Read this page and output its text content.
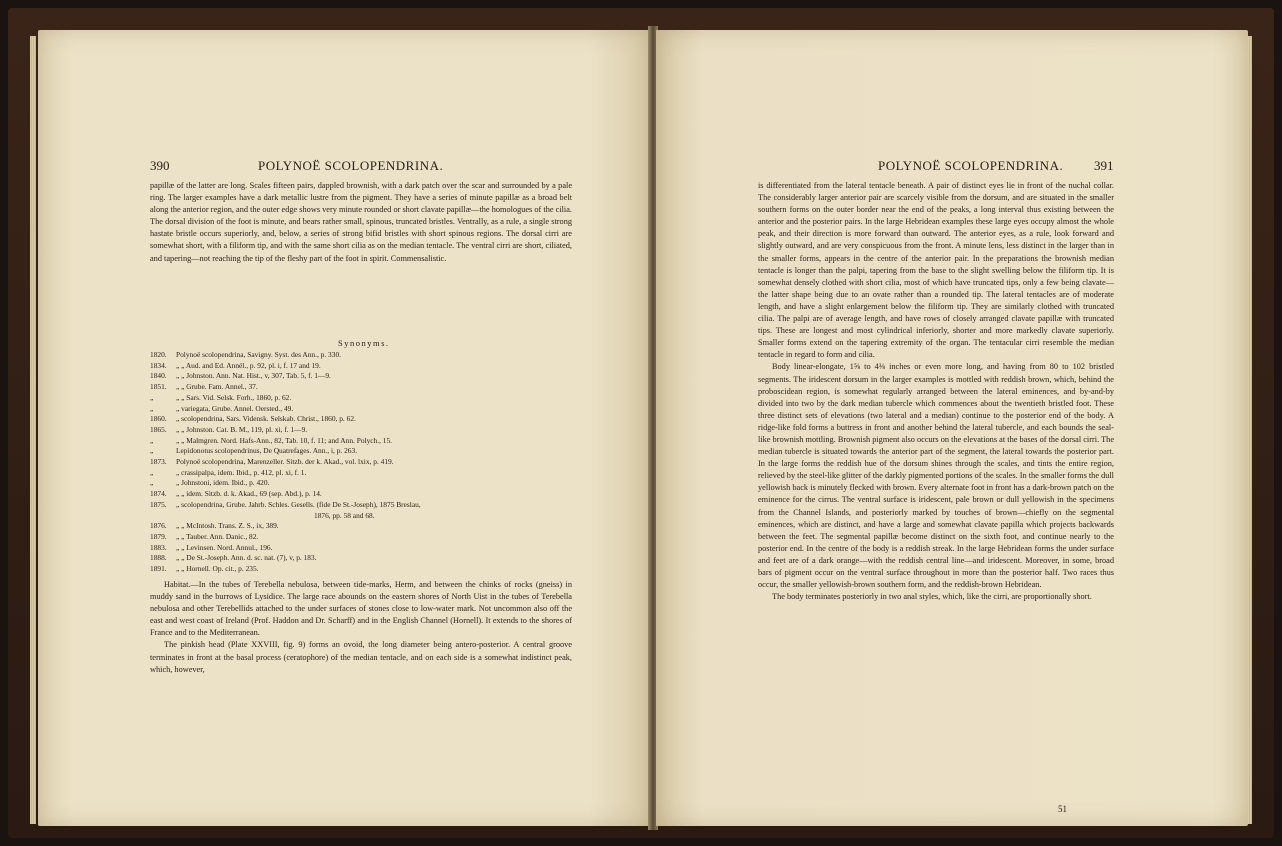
390	POLYNOË SCOLOPENDRINA.

papillæ of the latter are long. Scales fifteen pairs, dappled brownish, with a dark patch over the scar and surrounded by a pale ring. The larger examples have a dark metallic lustre from the pigment. They have a series of minute papillæ as a broad belt along the anterior region, and the outer edge shows very minute rounded or short clavate papillæ—the homologues of the cilia. The dorsal division of the foot is minute, and bears rather small, spinous, truncated bristles. Ventrally, as a rule, a single strong hastate bristle occurs superiorly, and, below, a series of strong bifid bristles with short spinous regions. The dorsal cirri are somewhat short, with a filiform tip, and with the same short cilia as on the median tentacle. The ventral cirri are short, ciliated, and tapering—not reaching the tip of the fleshy part of the foot in spirit. Commensalistic.

Synonyms.
1820.	Polynoë scolopendrina, Savigny. Syst. des Ann., p. 330.
1834.	„ „ Aud. and Ed. Annél., p. 92, pl. i, f. 17 and 19.
1840.	„ „ Johnston. Ann. Nat. Hist., v, 307, Tab. 5, f. 1—9.
1851.	„ „ Grube. Fam. Annel., 37.
„	„ „ Sars. Vid. Selsk. Forh., 1860, p. 62.
„	„ variegata, Grube. Annel. Oersted., 49.
1860.	„ scolopendrina, Sars. Vidensk. Selskab. Christ., 1860, p. 62.
1865.	„ „ Johnston. Cat. B. M., 119, pl. xi, f. 1—9.
„	„ „ Malmgren. Nord. Hafs-Ann., 82, Tab. 10, f. 11; and Ann. Polych., 15.
„	Lepidonotus scolopendrinus, De Quatrefages. Ann., i, p. 263.
1873.	Polynoë scolopendrina, Marenzeller. Sitzb. der k. Akad., vol. lxix, p. 419.
„	„ crassipalpa, idem. Ibid., p. 412, pl. xi, f. 1.
„	„ Johnstoni, idem. Ibid., p. 420.
1874.	„ „ idem. Sitzb. d. k. Akad., 69 (sep. Abd.), p. 14.
1875.	„ scolopendrina, Grube. Jahrb. Schles. Gesells. (fide De St.-Joseph), 1875 Breslau,
1876, pp. 58 and 68.
1876.	„ „ McIntosh. Trans. Z. S., ix, 389.
1879.	„ „ Tauber. Ann. Danic., 82.
1883.	„ „ Levinsen. Nord. Annul., 196.
1888.	„ „ De St.-Joseph. Ann. d. sc. nat. (7), v, p. 183.
1891.	„ „ Hornell. Op. cit., p. 235.

Habitat.—In the tubes of Terebella nebulosa, between tide-marks, Herm, and between the chinks of rocks (gneiss) in muddy sand in the burrows of Lysidice. The large race abounds on the eastern shores of North Uist in the tubes of Terebella nebulosa and other Terebellids attached to the under surfaces of stones close to low-water mark. Not uncommon also off the east and west coast of Ireland (Prof. Haddon and Dr. Scharff) and in the English Channel (Hornell). It extends to the shores of France and to the Mediterranean.

The pinkish head (Plate XXVIII, fig. 9) forms an ovoid, the long diameter being antero-posterior. A central groove terminates in front at the basal process (ceratophore) of the median tentacle, and on each side is a somewhat indistinct peak, which, however,

POLYNOË SCOLOPENDRINA. 391

is differentiated from the lateral tentacle beneath. A pair of distinct eyes lie in front of the nuchal collar. The considerably larger anterior pair are scarcely visible from the dorsum, and are situated in the smaller southern forms on the outer border near the end of the peaks, a long interval thus existing between the anterior and the posterior pairs. In the large Hebridean examples these large eyes occupy almost the whole peak, and their direction is more forward than outward. The anterior eyes, as a rule, look forward and slightly outward, and are very conspicuous from the front. A minute lens, less distinct in the larger than in the smaller forms, appears in the centre of the anterior pair. In the preparations the brownish median tentacle is longer than the palpi, tapering from the base to the slight swelling below the filiform tip. It is somewhat densely clothed with short cilia, most of which have truncated tips, only a few being clavate—the latter shape being due to an ovate rather than a rounded tip. The lateral tentacles are of moderate length, and have a slight enlargement below the filiform tip. They are similarly clothed with truncated cilia. The palpi are of average length, and have rows of closely arranged clavate papillæ with truncated tips. These are longest and most cylindrical inferiorly, shorter and more markedly clavate superiorly. Smaller forms extend on the tapering extremity of the organ. The tentacular cirri resemble the median tentacle in regard to form and cilia.

Body linear-elongate, 1⅝ to 4⅜ inches or even more long, and having from 80 to 102 bristled segments. The iridescent dorsum in the larger examples is mottled with reddish brown, which, behind the proboscidean region, is somewhat regularly arranged between the lateral eminences, and by-and-by divided into two by the dark median tubercle which commences about the twentieth bristled foot. These three distinct sets of elevations (two lateral and a median) continue to the posterior end of the body. A ridge-like fold forms a buttress in front and another behind the lateral tubercle, and each bounds the seal-like brownish mottling. Brownish pigment also occurs on the elevations at the bases of the dorsal cirri. The median tubercle is situated towards the anterior part of the segment, the lateral towards the posterior part. In the large forms the reddish hue of the dorsum shines through the scales, and tints the entire region, relieved by the steel-like glitter of the darkly pigmented portions of the scales. In the smaller forms the dull yellowish back is minutely flecked with brown. Every alternate foot in front has a dark-brown patch on the eminence for the cirrus. The ventral surface is iridescent, pale brown or dull yellowish in the specimens from the Channel Islands, and posteriorly marked by touches of brown—chiefly on the segmental eminences, which are distinct, and have a large and somewhat clavate papilla which projects backwards between the feet. The segmental papillæ become distinct on the sixth foot, and continue nearly to the posterior end. In the centre of the body is a reddish streak. In the large Hebridean forms the under surface and feet are of a dark orange—with the reddish central line—and iridescent. Moreover, in some, broad bars of pigment occur on the ventral surface throughout in more than the posterior half. Two races thus occur, the smaller yellowish-brown southern form, and the reddish-brown Hebridean.

The body terminates posteriorly in two anal styles, which, like the cirri, are proportionally short.

51
